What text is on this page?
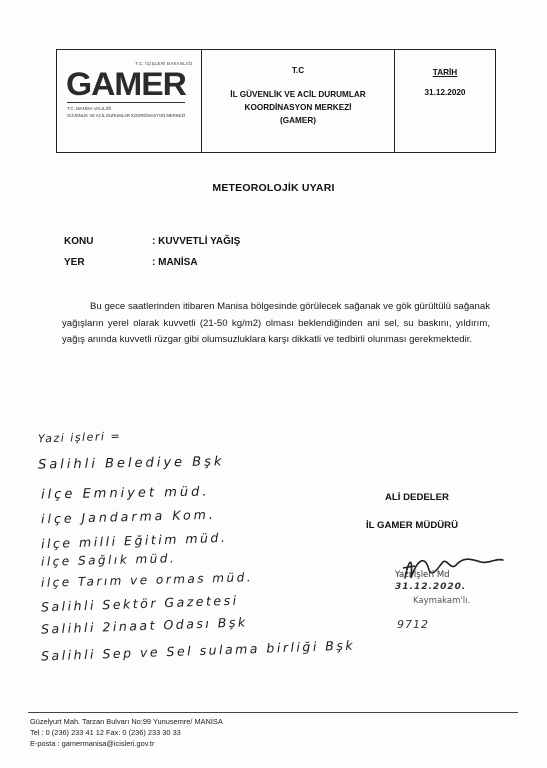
T.C. İÇİŞLERİ BAKANLIĞI
GAMER
T.C. MANİSA VALİLİĞİ
GÜVENLİK VE ACİL DURUMLAR KOORDİNASYON MERKEZİ
T.C
İL GÜVENLİK VE ACİL DURUMLAR
KOORDİNASYON MERKEZİ
(GAMER)
TARİH
31.12.2020
METEOROLOJİK UYARI
KONU	: KUVVETLİ YAĞIŞ
YER	: MANİSA
Bu gece saatlerinden itibaren Manisa bölgesinde görülecek sağanak ve gök gürültülü sağanak yağışların yerel olarak kuvvetli (21-50 kg/m2) olması beklendiğinden ani sel, su baskını, yıldırım, yağış anında kuvvetli rüzgar gibi olumsuzluklara karşı dikkatli ve tedbirli olunması gerekmektedir.
Yazi işleri =
Salihli Belediye Bşk
ilçe Emniyet müd.
ilçe Jandarma Kom.
ilçe milli Eğitim müd.
ilçe Sağlık müd.
ilçe Tarım ve ormas müd.
Salihli Sektör Gazetesi
Salihli 2inaat Odası Bşk
Salihli Sep ve Sel sulama birliği Bşk
ALİ DEDELER
İL GAMER MÜDÜRÜ
Yazı İşleri Md
31.12.2020.
Kaymakam'lı.
9712
Güzelyurt Mah. Tarzan Bulvarı No:99 Yunusemre/ MANİSA
Tel : 0 (236) 233 41 12 Fax: 0 (236) 233 30 33
E-posta : gamermanisa@icisleri.gov.tr
